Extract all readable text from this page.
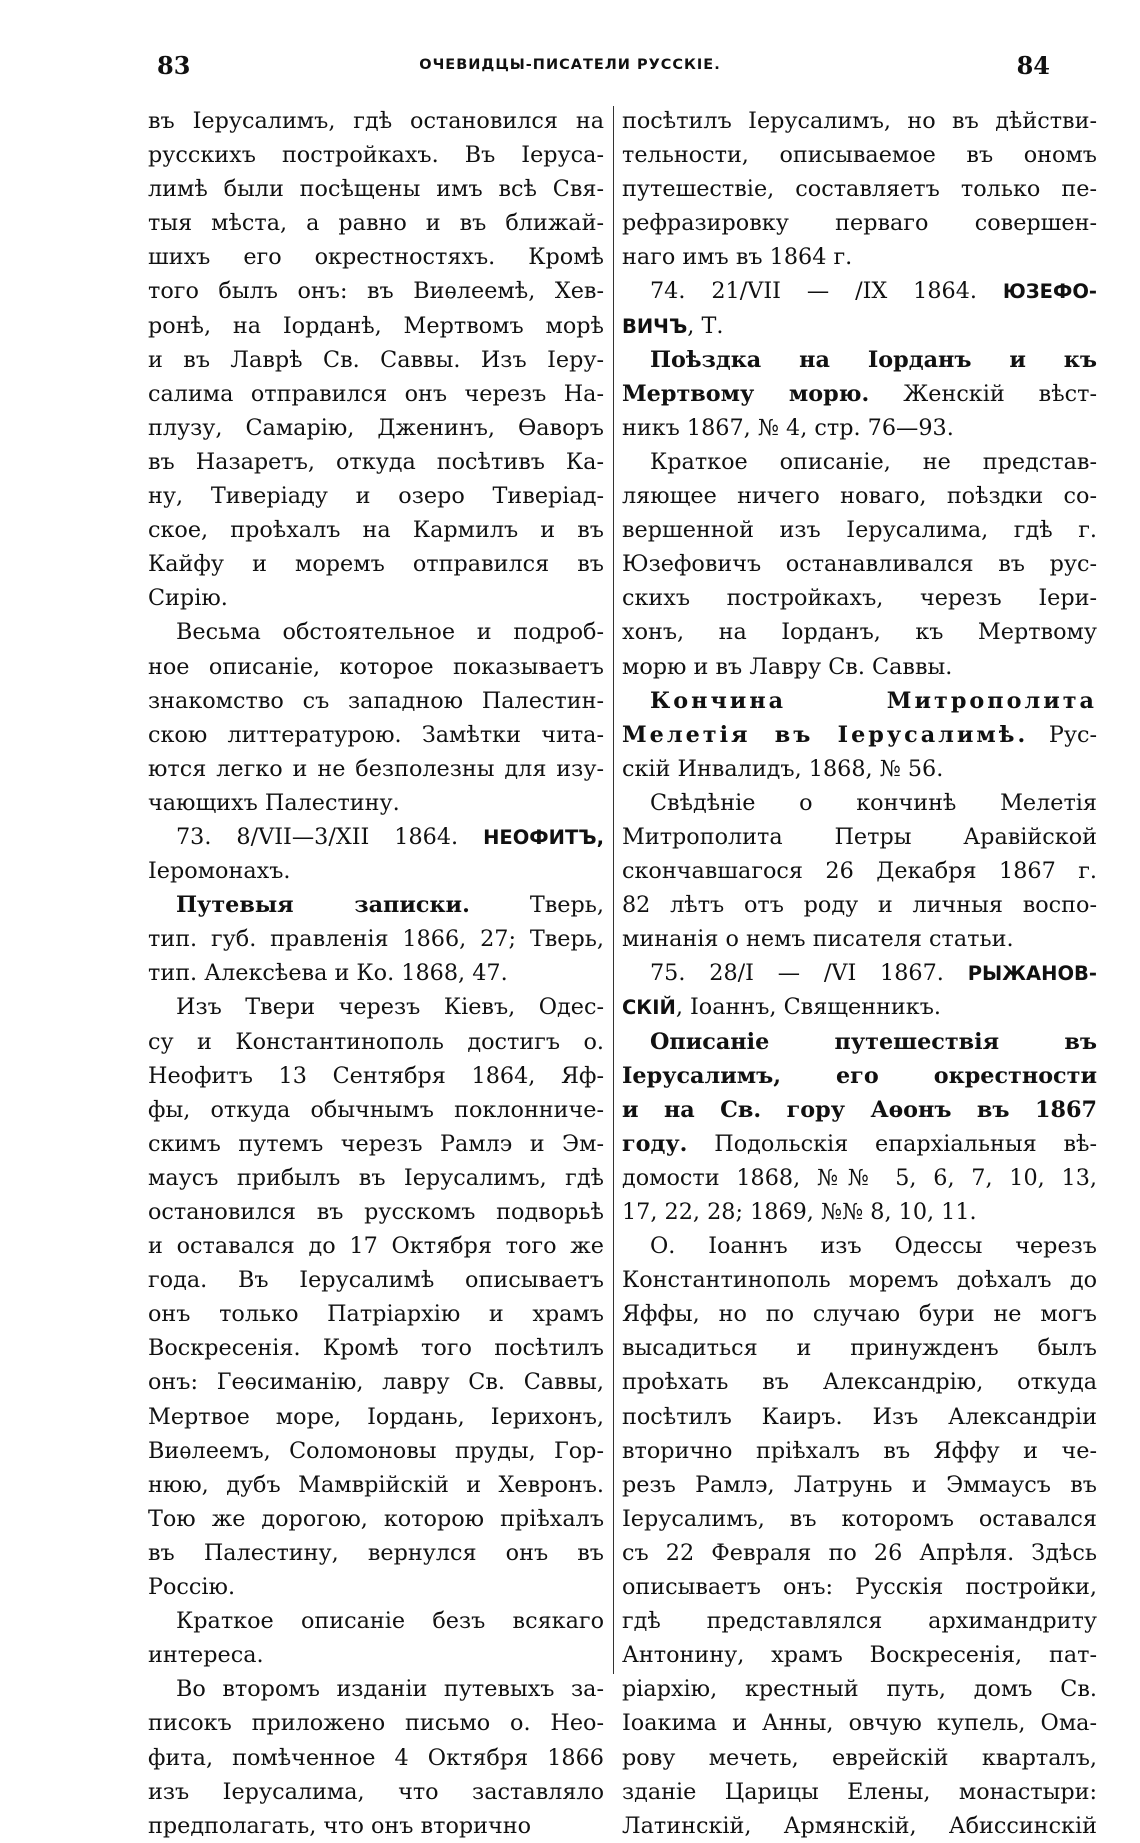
83	ОЧЕВИДЦЫ-ПИСАТЕЛИ РУССКІЕ.	84
въ Іерусалимъ, гдѣ остановился на
русскихъ постройкахъ. Въ Іеруса-
лимѣ были посѣщены имъ всѣ Свя-
тыя мѣста, а равно и въ ближай-
шихъ его окрестностяхъ. Кромѣ
того былъ онъ: въ Виѳлеемѣ, Хев-
ронѣ, на Іорданѣ, Мертвомъ морѣ
и въ Лаврѣ Св. Саввы. Изъ Іеру-
салима отправился онъ черезъ На-
плузу, Самарію, Дженинъ, Ѳаворъ
въ Назаретъ, откуда посѣтивъ Ка-
ну, Тиверіаду и озеро Тиверіад-
ское, проѣхалъ на Кармилъ и въ
Кайфу и моремъ отправился въ
Сирію.
Весьма обстоятельное и подроб-
ное описаніе, которое показываетъ
знакомство съ западною Палестин-
скою литтературою. Замѣтки чита-
ются легко и не безполезны для изу-
чающихъ Палестину.
73. 8/VII—3/XII 1864. НЕОФИТЪ,
Іеромонахъ.
Путевыя записки. Тверь,
тип. губ. правленія 1866, 27; Тверь,
тип. Алексѣева и Ко. 1868, 47.
Изъ Твери черезъ Кіевъ, Одес-
су и Константинополь достигъ о.
Неофитъ 13 Сентября 1864, Яф-
фы, откуда обычнымъ поклонниче-
скимъ путемъ черезъ Рамлэ и Эм-
маусъ прибылъ въ Іерусалимъ, гдѣ
остановился въ русскомъ подворьѣ
и оставался до 17 Октября того же
года. Въ Іерусалимѣ описываетъ
онъ только Патріархію и храмъ
Воскресенія. Кромѣ того посѣтилъ
онъ: Геѳсиманію, лавру Св. Саввы,
Мертвое море, Іордань, Іерихонъ,
Виѳлеемъ, Соломоновы пруды, Гор-
нюю, дубъ Мамврійскій и Хевронъ.
Тою же дорогою, которою пріѣхалъ
въ Палестину, вернулся онъ въ
Россію.
Краткое описаніе безъ всякаго
интереса.
Во второмъ изданіи путевыхъ за-
писокъ приложено письмо о. Нео-
фита, помѣченное 4 Октября 1866
изъ Іерусалима, что заставляло
предполагать, что онъ вторично
посѣтилъ Іерусалимъ, но въ дѣйстви-
тельности, описываемое въ ономъ
путешествіе, составляетъ только пе-
рефразировку перваго совершен-
наго имъ въ 1864 г.
74. 21/VII — /IX 1864. ЮЗЕФО-
ВИЧЪ, Т.
Поѣздка на Іорданъ и къ
Мертвому морю. Женскій вѣст-
никъ 1867, № 4, стр. 76—93.
Краткое описаніе, не представ-
ляющее ничего новаго, поѣздки со-
вершенной изъ Іерусалима, гдѣ г.
Юзефовичъ останавливался въ рус-
скихъ постройкахъ, черезъ Іери-
хонъ, на Іорданъ, къ Мертвому
морю и въ Лавру Св. Саввы.
Кончина Митрополита
Мелетія въ Іерусалимѣ. Рус-
скій Инвалидъ, 1868, № 56.
Свѣдѣніе о кончинѣ Мелетія
Митрополита Петры Аравійской
скончавшагося 26 Декабря 1867 г.
82 лѣтъ отъ роду и личныя воспо-
минанія о немъ писателя статьи.
75. 28/I — /VI 1867. РЫЖАНОВ-
СКІЙ, Іоаннъ, Священникъ.
Описаніе путешествія въ
Іерусалимъ, его окрестности
и на Св. гору Аѳонъ въ 1867
году. Подольскія епархіальныя вѣ-
домости 1868, №№ 5, 6, 7, 10, 13,
17, 22, 28; 1869, №№ 8, 10, 11.
О. Іоаннъ изъ Одессы черезъ
Константинополь моремъ доѣхалъ до
Яффы, но по случаю бури не могъ
высадиться и принужденъ былъ
проѣхать въ Александрію, откуда
посѣтилъ Каиръ. Изъ Александріи
вторично пріѣхалъ въ Яффу и че-
резъ Рамлэ, Латрунь и Эммаусъ въ
Іерусалимъ, въ которомъ оставался
съ 22 Февраля по 26 Апрѣля. Здѣсь
описываетъ онъ: Русскія постройки,
гдѣ представлялся архимандриту
Антонину, храмъ Воскресенія, пат-
ріархію, крестный путь, домъ Св.
Іоакима и Анны, овчую купель, Ома-
рову мечеть, еврейскій кварталъ,
зданіе Царицы Елены, монастыри:
Латинскій, Армянскій, Абиссинскій
